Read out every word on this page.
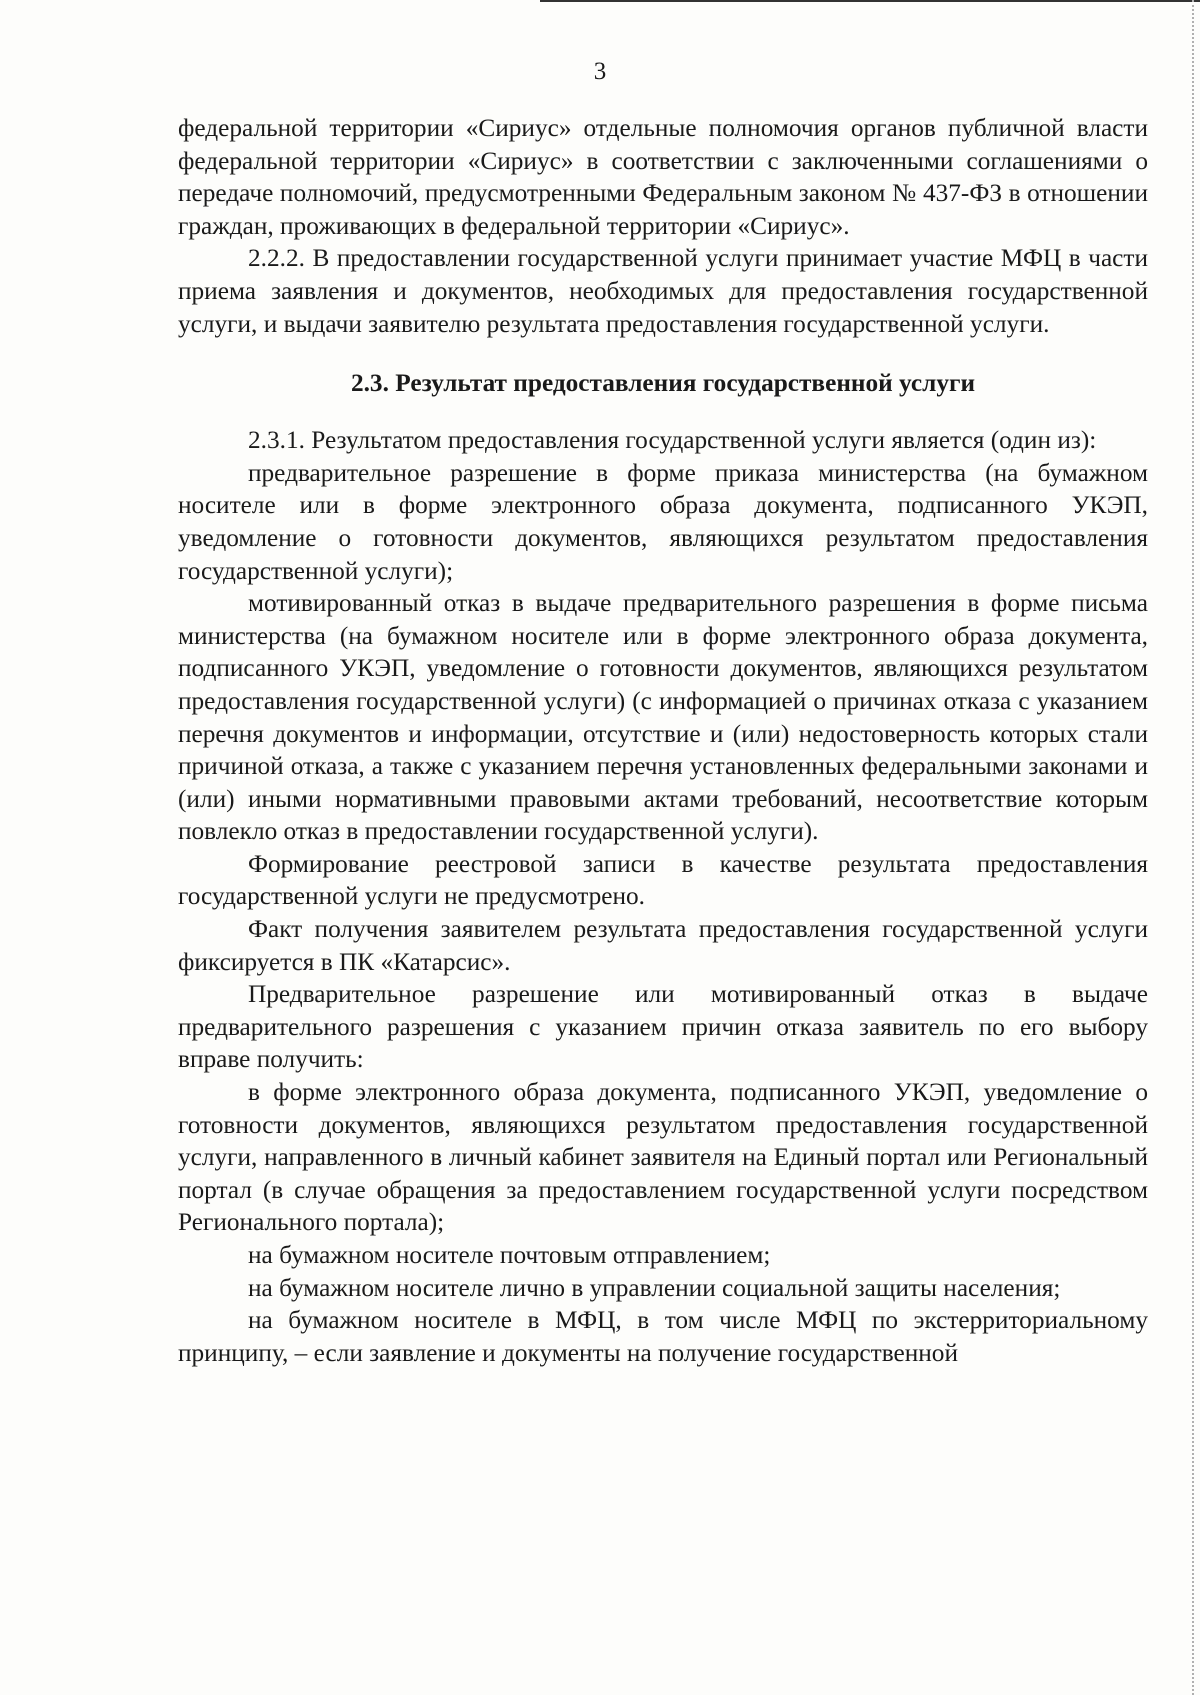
3

федеральной территории «Сириус» отдельные полномочия органов публичной власти федеральной территории «Сириус» в соответствии с заключенными соглашениями о передаче полномочий, предусмотренными Федеральным законом № 437-ФЗ в отношении граждан, проживающих в федеральной территории «Сириус».

2.2.2. В предоставлении государственной услуги принимает участие МФЦ в части приема заявления и документов, необходимых для предоставления государственной услуги, и выдачи заявителю результата предоставления государственной услуги.

2.3. Результат предоставления государственной услуги

2.3.1. Результатом предоставления государственной услуги является (один из):

предварительное разрешение в форме приказа министерства (на бумажном носителе или в форме электронного образа документа, подписанного УКЭП, уведомление о готовности документов, являющихся результатом предоставления государственной услуги);

мотивированный отказ в выдаче предварительного разрешения в форме письма министерства (на бумажном носителе или в форме электронного образа документа, подписанного УКЭП, уведомление о готовности документов, являющихся результатом предоставления государственной услуги) (с информацией о причинах отказа с указанием перечня документов и информации, отсутствие и (или) недостоверность которых стали причиной отказа, а также с указанием перечня установленных федеральными законами и (или) иными нормативными правовыми актами требований, несоответствие которым повлекло отказ в предоставлении государственной услуги).

Формирование реестровой записи в качестве результата предоставления государственной услуги не предусмотрено.

Факт получения заявителем результата предоставления государственной услуги фиксируется в ПК «Катарсис».

Предварительное разрешение или мотивированный отказ в выдаче предварительного разрешения с указанием причин отказа заявитель по его выбору вправе получить:

в форме электронного образа документа, подписанного УКЭП, уведомление о готовности документов, являющихся результатом предоставления государственной услуги, направленного в личный кабинет заявителя на Единый портал или Региональный портал (в случае обращения за предоставлением государственной услуги посредством Регионального портала);

на бумажном носителе почтовым отправлением;

на бумажном носителе лично в управлении социальной защиты населения;

на бумажном носителе в МФЦ, в том числе МФЦ по экстерриториальному принципу, – если заявление и документы на получение государственной
